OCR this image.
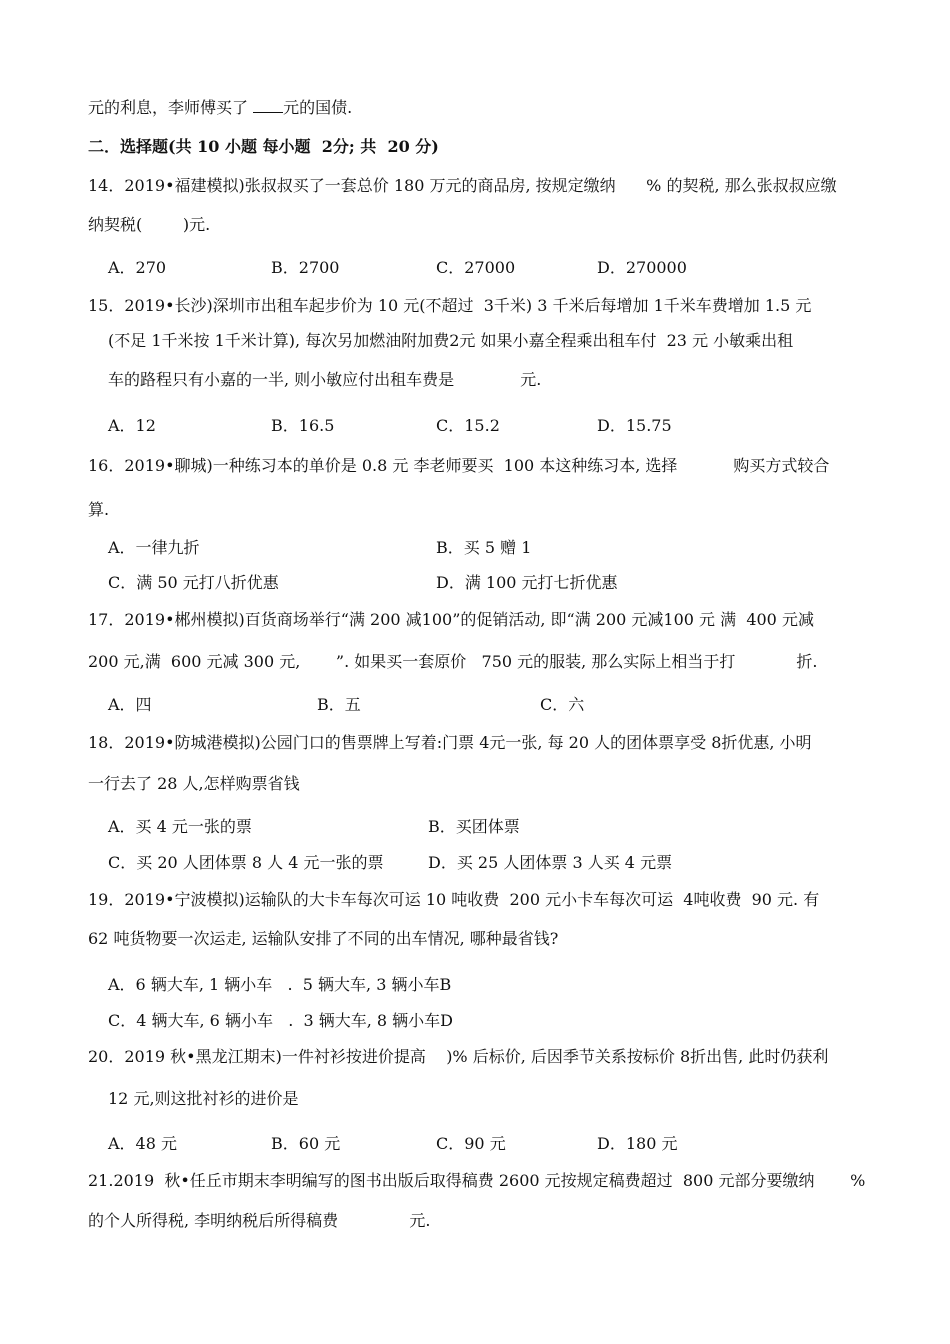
元的利息，李师傅买了 元的国债.
二．选择题(共 10 小题 每小题  2分; 共  20 分)
14．2019•福建模拟)张叔叔买了一套总价 180 万元的商品房, 按规定缴纳      % 的契税, 那么张叔叔应缴
纳契税(        )元.
A．270	B．2700	C．27000	D．270000
15．2019•长沙)深圳市出租车起步价为 10 元(不超过  3千米) 3 千米后每增加 1千米车费增加 1.5 元
(不足 1千米按 1千米计算), 每次另加燃油附加费2元 如果小嘉全程乘出租车付  23 元 小敏乘出租
车的路程只有小嘉的一半, 则小敏应付出租车费是             元.
A．12	B．16.5	C．15.2	D．15.75
16．2019•聊城)一种练习本的单价是 0.8 元 李老师要买  100 本这种练习本, 选择           购买方式较合
算.
A．一律九折	B．买 5 赠 1
C．满 50 元打八折优惠	D．满 100 元打七折优惠
17．2019•郴州模拟)百货商场举行“满 200 减100”的促销活动, 即“满 200 元减100 元 满  400 元减
200 元,满  600 元减 300 元,       ”. 如果买一套原价   750 元的服装, 那么实际上相当于打            折.
A．四	B．五	C．六
18．2019•防城港模拟)公园门口的售票牌上写着:门票 4元一张, 每 20 人的团体票享受 8折优惠, 小明
一行去了 28 人,怎样购票省钱
A．买 4 元一张的票	B．买团体票
C．买 20 人团体票 8 人 4 元一张的票	D．买 25 人团体票 3 人买 4 元票
19．2019•宁波模拟)运输队的大卡车每次可运 10 吨收费  200 元小卡车每次可运  4吨收费  90 元. 有
62 吨货物要一次运走, 运输队安排了不同的出车情况, 哪种最省钱?
A．6 辆大车, 1 辆小车   .  5 辆大车, 3 辆小车B
C．4 辆大车, 6 辆小车   .  3 辆大车, 8 辆小车D
20．2019 秋•黑龙江期末)一件衬衫按进价提高    )% 后标价, 后因季节关系按标价 8折出售, 此时仍获利
12 元,则这批衬衫的进价是
A．48 元	B．60 元	C．90 元	D．180 元
21.2019  秋•任丘市期末李明编写的图书出版后取得稿费 2600 元按规定稿费超过  800 元部分要缴纳       %
的个人所得税, 李明纳税后所得稿费              元.
